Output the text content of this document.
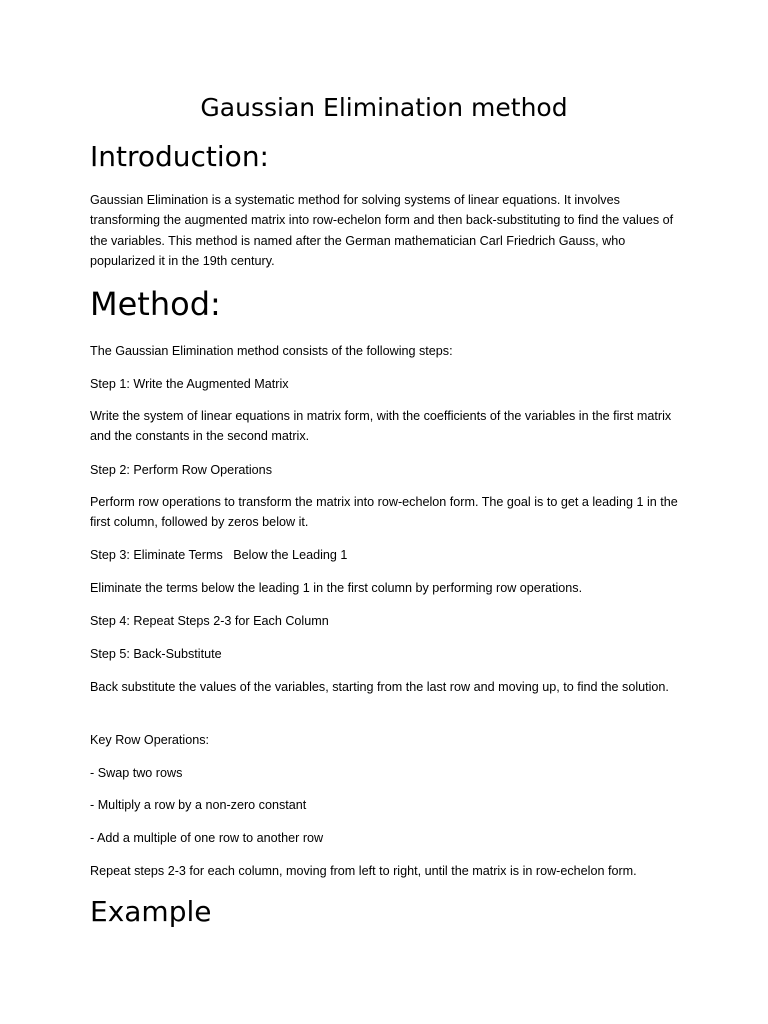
Gaussian Elimination method
Introduction:

Gaussian Elimination is a systematic method for solving systems of linear equations. It involves transforming the augmented matrix into row-echelon form and then back-substituting to find the values of the variables. This method is named after the German mathematician Carl Friedrich Gauss, who popularized it in the 19th century.

Method:

The Gaussian Elimination method consists of the following steps:

Step 1: Write the Augmented Matrix

Write the system of linear equations in matrix form, with the coefficients of the variables in the first matrix and the constants in the second matrix.

Step 2: Perform Row Operations

Perform row operations to transform the matrix into row-echelon form. The goal is to get a leading 1 in the first column, followed by zeros below it.

Step 3: Eliminate Terms   Below the Leading 1

Eliminate the terms below the leading 1 in the first column by performing row operations.

Step 4: Repeat Steps 2-3 for Each Column

Step 5: Back-Substitute

Back substitute the values of the variables, starting from the last row and moving up, to find the solution.

Key Row Operations:

- Swap two rows

- Multiply a row by a non-zero constant

- Add a multiple of one row to another row

Repeat steps 2-3 for each column, moving from left to right, until the matrix is in row-echelon form.

Example
